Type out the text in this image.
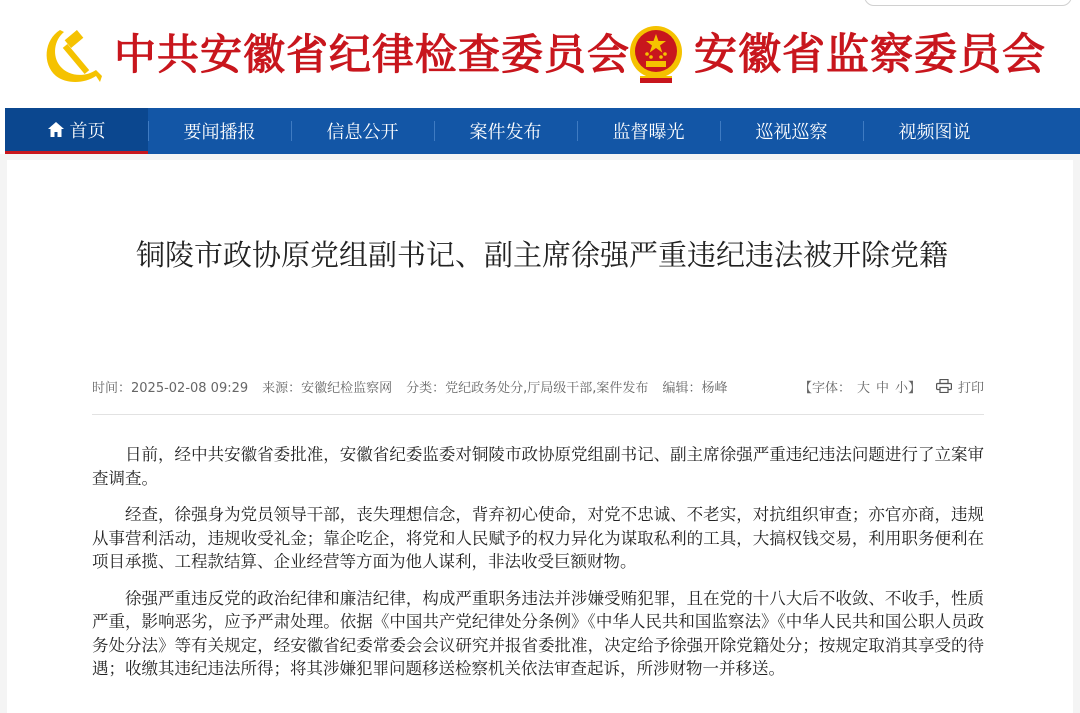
中共安徽省纪律检查委员会 安徽省监察委员会
首页	要闻播报	信息公开	案件发布	监督曝光	巡视巡察	视频图说
铜陵市政协原党组副书记、副主席徐强严重违纪违法被开除党籍
时间：2025-02-08 09:29 来源：安徽纪检监察网 分类：党纪政务处分,厅局级干部,案件发布 编辑：杨峰	【字体： 大 中 小】	打印

日前，经中共安徽省委批准，安徽省纪委监委对铜陵市政协原党组副书记、副主席徐强严重违纪违法问题进行了立案审查调查。

经查，徐强身为党员领导干部，丧失理想信念，背弃初心使命，对党不忠诚、不老实，对抗组织审查；亦官亦商，违规从事营利活动，违规收受礼金；靠企吃企，将党和人民赋予的权力异化为谋取私利的工具，大搞权钱交易，利用职务便利在项目承揽、工程款结算、企业经营等方面为他人谋利，非法收受巨额财物。

徐强严重违反党的政治纪律和廉洁纪律，构成严重职务违法并涉嫌受贿犯罪，且在党的十八大后不收敛、不收手，性质严重，影响恶劣，应予严肃处理。依据《中国共产党纪律处分条例》《中华人民共和国监察法》《中华人民共和国公职人员政务处分法》等有关规定，经安徽省纪委常委会会议研究并报省委批准，决定给予徐强开除党籍处分；按规定取消其享受的待遇；收缴其违纪违法所得；将其涉嫌犯罪问题移送检察机关依法审查起诉，所涉财物一并移送。
